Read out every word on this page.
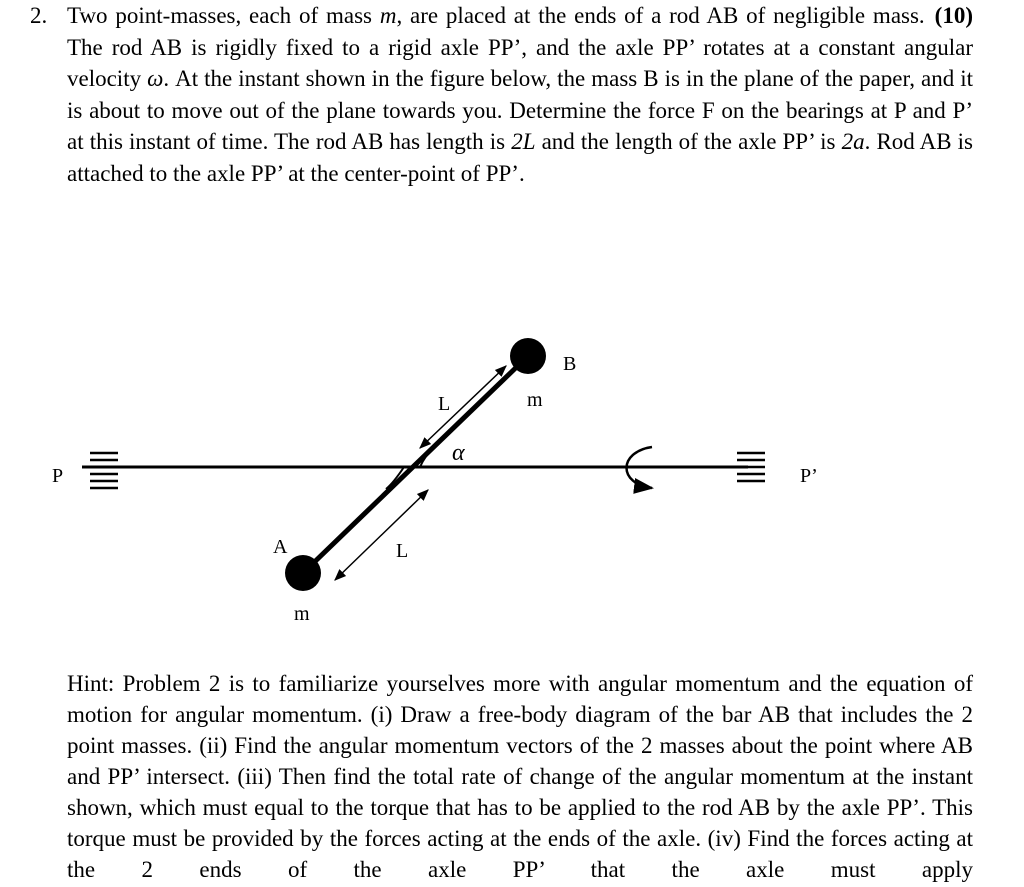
2.	(10)
Two point-masses, each of mass m, are placed at the ends of a rod AB of negligible mass. The rod AB is rigidly fixed to a rigid axle PP’, and the axle PP’ rotates at a constant angular velocity ω. At the instant shown in the figure below, the mass B is in the plane of the paper, and it is about to move out of the plane towards you. Determine the force F on the bearings at P and P’ at this instant of time. The rod AB has length is 2L and the length of the axle PP’ is 2a. Rod AB is attached to the axle PP’ at the center-point of PP’.
P	P’
B
A
m
m
L
L
α
Hint: Problem 2 is to familiarize yourselves more with angular momentum and the equation of motion for angular momentum. (i) Draw a free-body diagram of the bar AB that includes the 2 point masses. (ii) Find the angular momentum vectors of the 2 masses about the point where AB and PP’ intersect. (iii) Then find the total rate of change of the angular momentum at the instant shown, which must equal to the torque that has to be applied to the rod AB by the axle PP’. This torque must be provided by the forces acting at the ends of the axle. (iv) Find the forces acting at the 2 ends of the axle PP’ that the axle must apply
